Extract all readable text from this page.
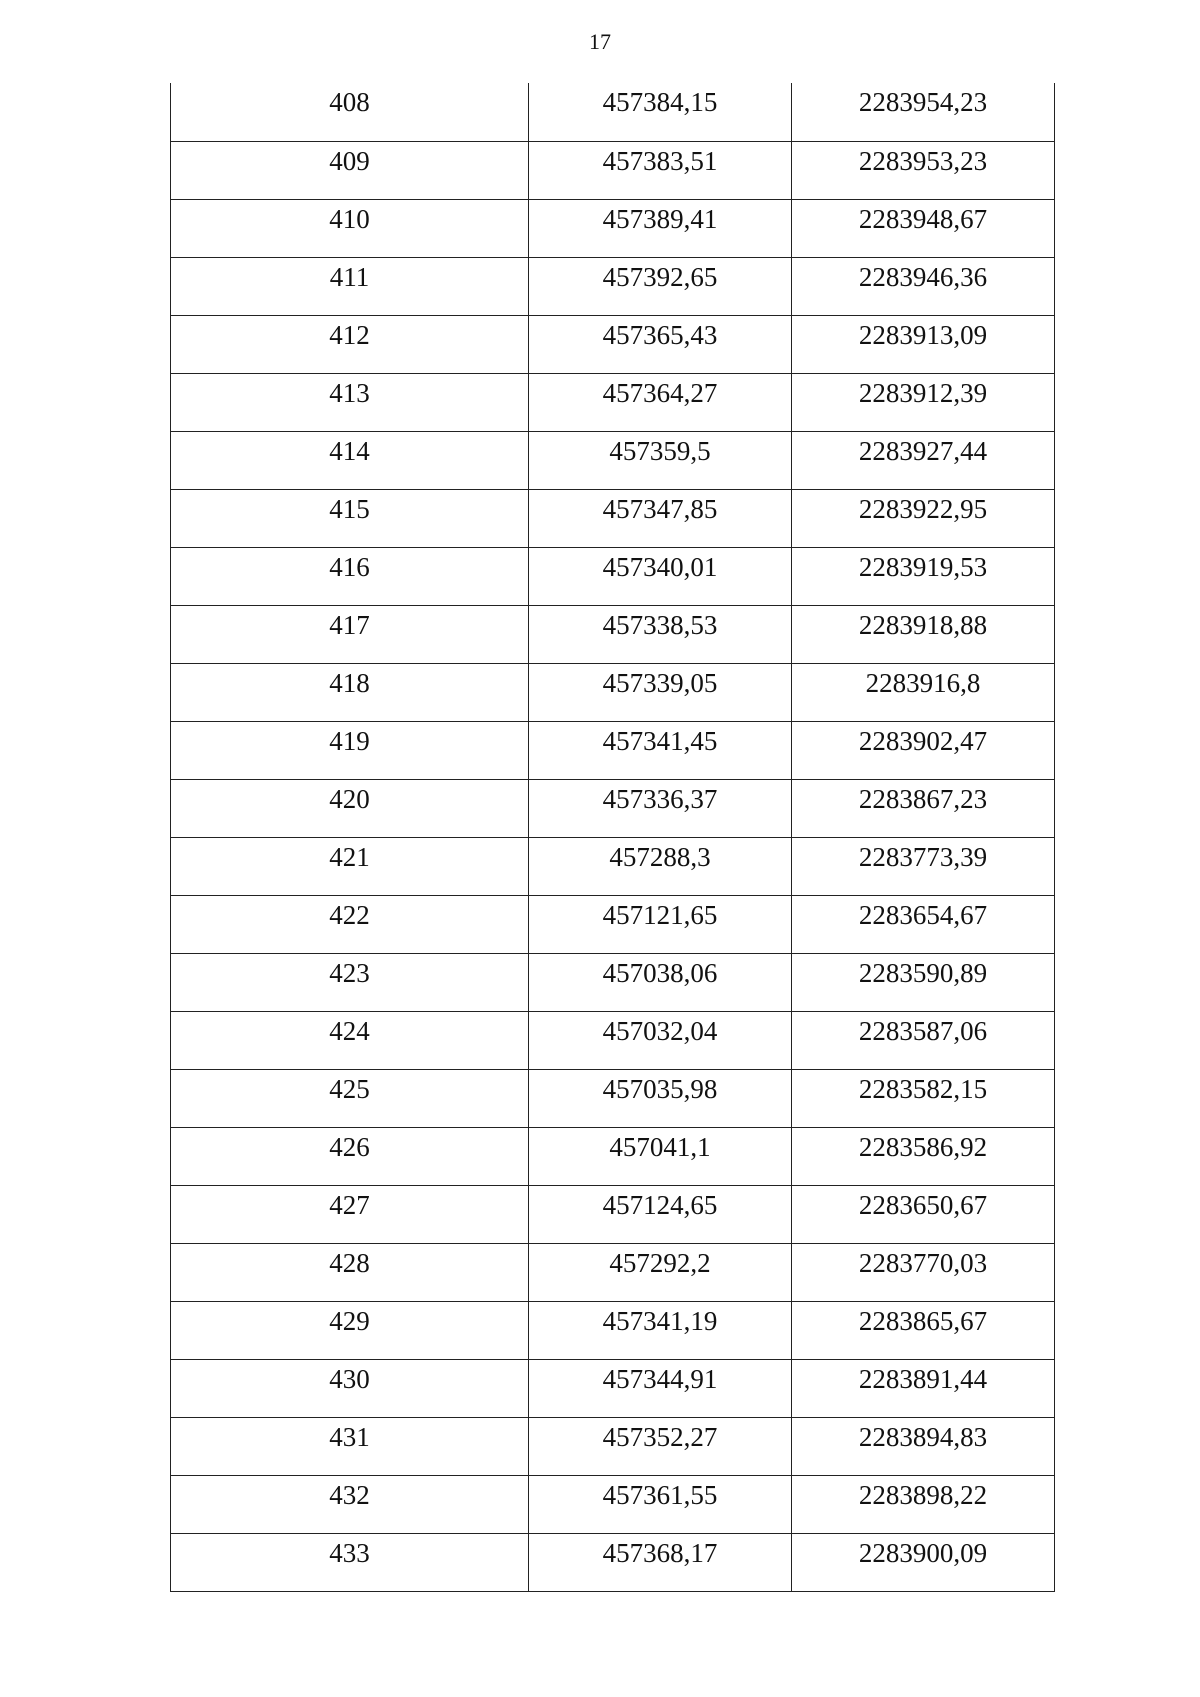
17
408	457384,15	2283954,23
409	457383,51	2283953,23
410	457389,41	2283948,67
411	457392,65	2283946,36
412	457365,43	2283913,09
413	457364,27	2283912,39
414	457359,5	2283927,44
415	457347,85	2283922,95
416	457340,01	2283919,53
417	457338,53	2283918,88
418	457339,05	2283916,8
419	457341,45	2283902,47
420	457336,37	2283867,23
421	457288,3	2283773,39
422	457121,65	2283654,67
423	457038,06	2283590,89
424	457032,04	2283587,06
425	457035,98	2283582,15
426	457041,1	2283586,92
427	457124,65	2283650,67
428	457292,2	2283770,03
429	457341,19	2283865,67
430	457344,91	2283891,44
431	457352,27	2283894,83
432	457361,55	2283898,22
433	457368,17	2283900,09
